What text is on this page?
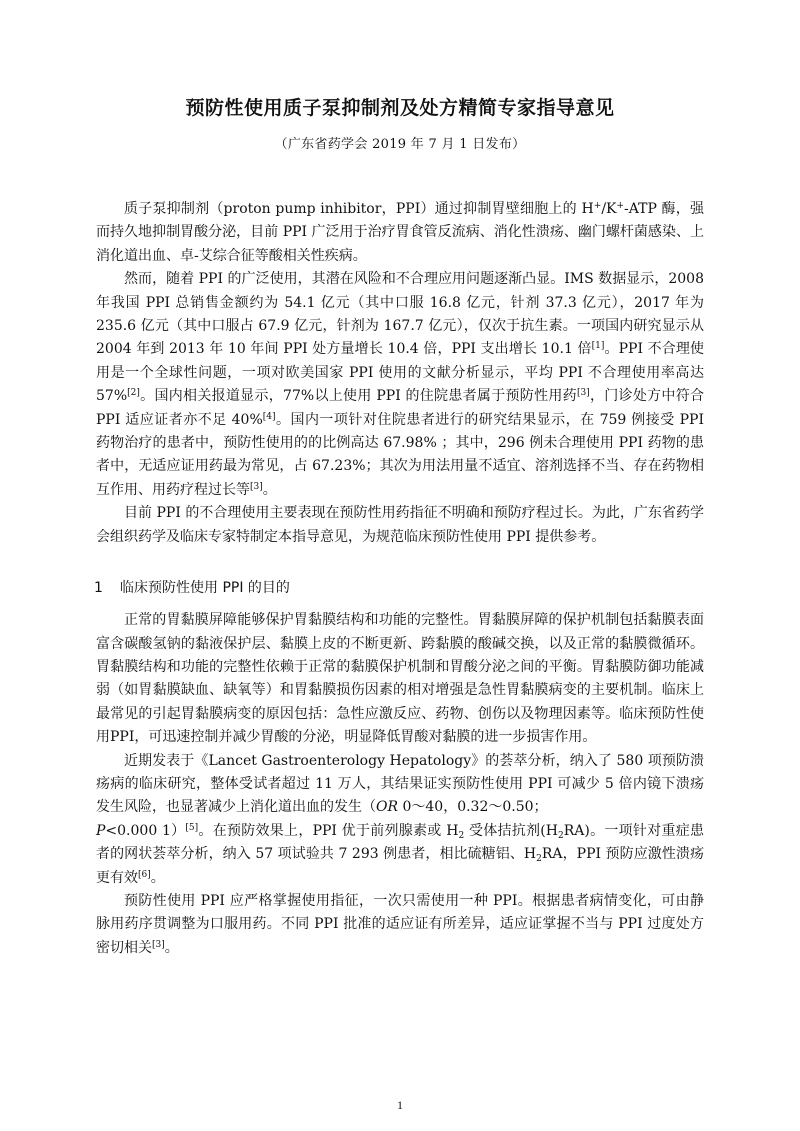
预防性使用质子泵抑制剂及处方精简专家指导意见
（广东省药学会 2019 年 7 月 1 日发布）

质子泵抑制剂（proton pump inhibitor，PPI）通过抑制胃壁细胞上的 H+/K+-ATP 酶，强而持久地抑制胃酸分泌，目前 PPI 广泛用于治疗胃食管反流病、消化性溃疡、幽门螺杆菌感染、上消化道出血、卓-艾综合征等酸相关性疾病。

然而，随着 PPI 的广泛使用，其潜在风险和不合理应用问题逐渐凸显。IMS 数据显示，2008 年我国 PPI 总销售金额约为 54.1 亿元（其中口服 16.8 亿元，针剂 37.3 亿元），2017 年为 235.6 亿元（其中口服占 67.9 亿元，针剂为 167.7 亿元），仅次于抗生素。一项国内研究显示从 2004 年到 2013 年 10 年间 PPI 处方量增长 10.4 倍，PPI 支出增长 10.1 倍[1]。PPI 不合理使用是一个全球性问题，一项对欧美国家 PPI 使用的文献分析显示，平均 PPI 不合理使用率高达 57%[2]。国内相关报道显示，77%以上使用 PPI 的住院患者属于预防性用药[3]，门诊处方中符合 PPI 适应证者亦不足 40%[4]。国内一项针对住院患者进行的研究结果显示，在 759 例接受 PPI 药物治疗的患者中，预防性使用的的比例高达 67.98% ；其中，296 例未合理使用 PPI 药物的患者中，无适应证用药最为常见，占 67.23%；其次为用法用量不适宜、溶剂选择不当、存在药物相互作用、用药疗程过长等[3]。

目前 PPI 的不合理使用主要表现在预防性用药指征不明确和预防疗程过长。为此，广东省药学会组织药学及临床专家特制定本指导意见，为规范临床预防性使用 PPI 提供参考。

1 临床预防性使用 PPI 的目的

正常的胃黏膜屏障能够保护胃黏膜结构和功能的完整性。胃黏膜屏障的保护机制包括黏膜表面富含碳酸氢钠的黏液保护层、黏膜上皮的不断更新、跨黏膜的酸碱交换，以及正常的黏膜微循环。胃黏膜结构和功能的完整性依赖于正常的黏膜保护机制和胃酸分泌之间的平衡。胃黏膜防御功能减弱（如胃黏膜缺血、缺氧等）和胃黏膜损伤因素的相对增强是急性胃黏膜病变的主要机制。临床上最常见的引起胃黏膜病变的原因包括：急性应激反应、药物、创伤以及物理因素等。临床预防性使用PPI，可迅速控制并减少胃酸的分泌，明显降低胃酸对黏膜的进一步损害作用。

近期发表于《Lancet Gastroenterology Hepatology》的荟萃分析，纳入了 580 项预防溃疡病的临床研究，整体受试者超过 11 万人，其结果证实预防性使用 PPI 可减少 5 倍内镜下溃疡发生风险，也显著减少上消化道出血的发生（OR 0～40，0.32～0.50；
P<0.000 1）[5]。在预防效果上，PPI 优于前列腺素或 $H_2$ 受体拮抗剂$(H_2RA)$。一项针对重症患者的网状荟萃分析，纳入 57 项试验共 7 293 例患者，相比硫糖铝、$H_2RA$，PPI 预防应激性溃疡更有效[6]。

预防性使用 PPI 应严格掌握使用指征，一次只需使用一种 PPI。根据患者病情变化，可由静脉用药序贯调整为口服用药。不同 PPI 批准的适应证有所差异，适应证掌握不当与 PPI 过度处方密切相关[3]。

1
